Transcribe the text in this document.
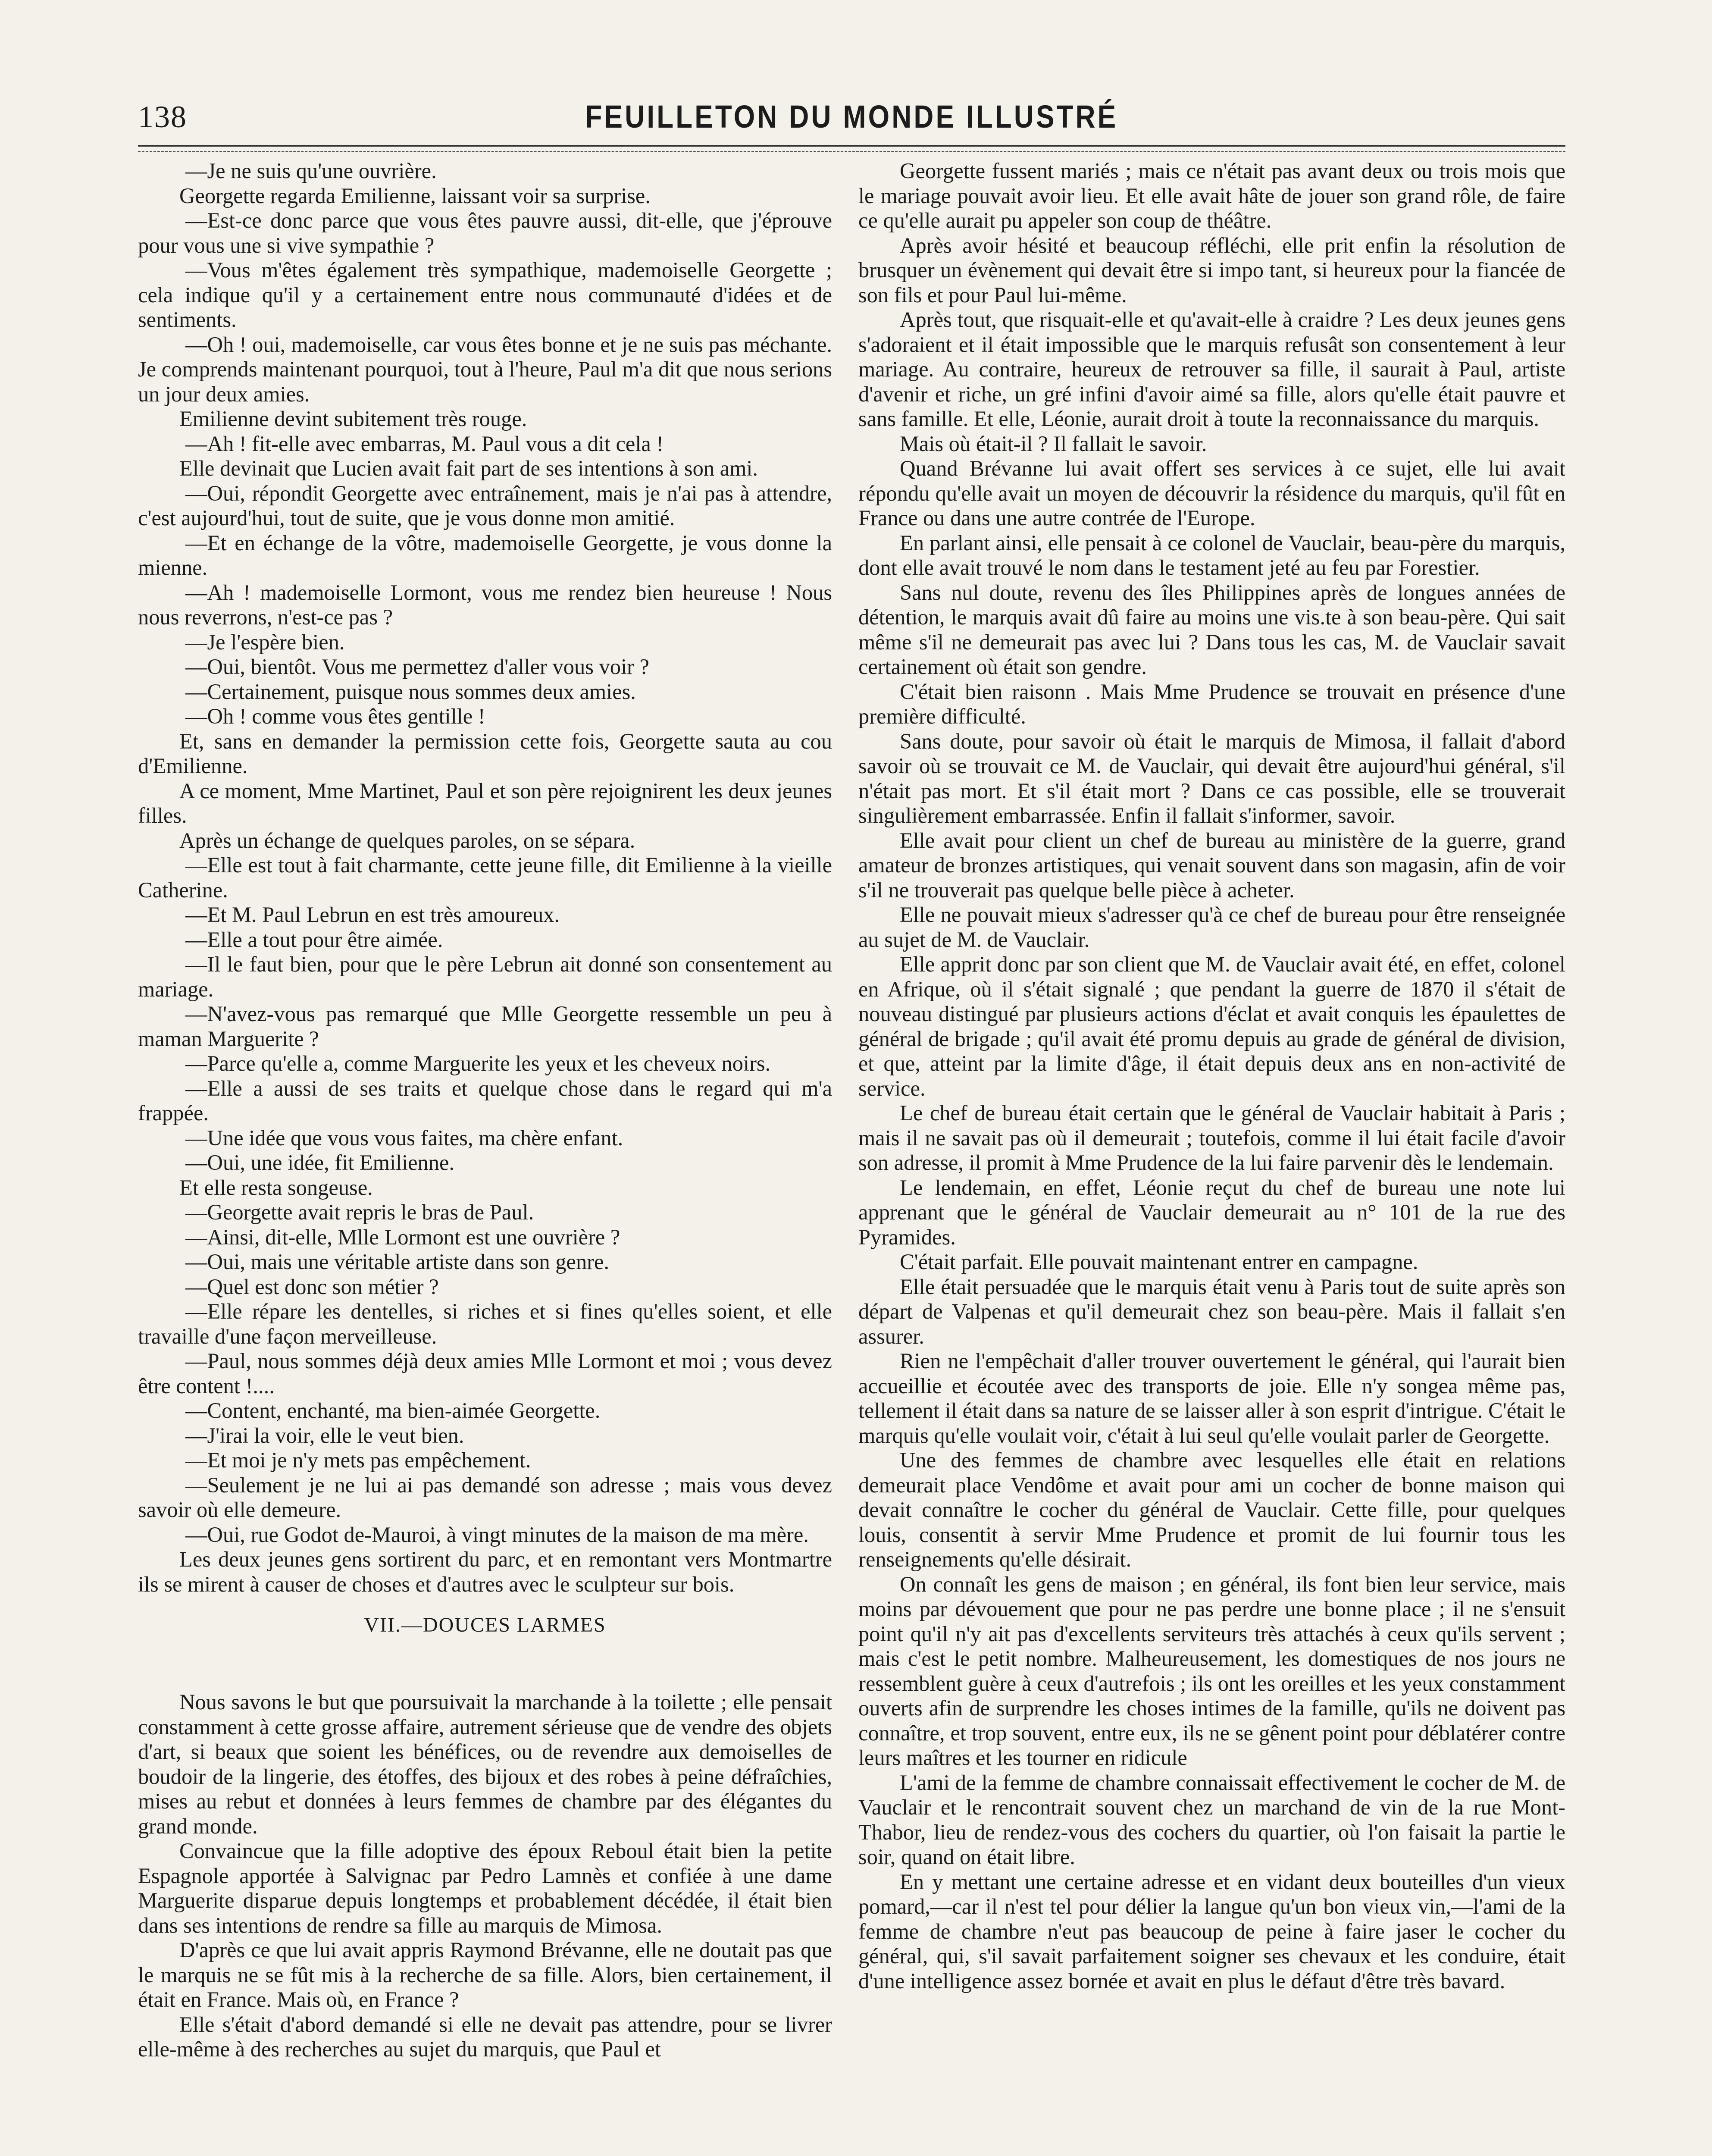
138	FEUILLETON DU MONDE ILLUSTRÉ

—Je ne suis qu'une ouvrière.

Georgette regarda Emilienne, laissant voir sa surprise.

—Est-ce donc parce que vous êtes pauvre aussi, dit-elle, que j'éprouve pour vous une si vive sympathie ?

—Vous m'êtes également très sympathique, mademoiselle Georgette ; cela indique qu'il y a certainement entre nous communauté d'idées et de sentiments.

—Oh ! oui, mademoiselle, car vous êtes bonne et je ne suis pas méchante. Je comprends maintenant pourquoi, tout à l'heure, Paul m'a dit que nous serions un jour deux amies.

Emilienne devint subitement très rouge.

—Ah ! fit-elle avec embarras, M. Paul vous a dit cela !

Elle devinait que Lucien avait fait part de ses intentions à son ami.

—Oui, répondit Georgette avec entraînement, mais je n'ai pas à attendre, c'est aujourd'hui, tout de suite, que je vous donne mon amitié.

—Et en échange de la vôtre, mademoiselle Georgette, je vous donne la mienne.

—Ah ! mademoiselle Lormont, vous me rendez bien heureuse ! Nous nous reverrons, n'est-ce pas ?

—Je l'espère bien.

—Oui, bientôt. Vous me permettez d'aller vous voir ?

—Certainement, puisque nous sommes deux amies.

—Oh ! comme vous êtes gentille !

Et, sans en demander la permission cette fois, Georgette sauta au cou d'Emilienne.

A ce moment, Mme Martinet, Paul et son père rejoignirent les deux jeunes filles.

Après un échange de quelques paroles, on se sépara.

—Elle est tout à fait charmante, cette jeune fille, dit Emilienne à la vieille Catherine.

—Et M. Paul Lebrun en est très amoureux.

—Elle a tout pour être aimée.

—Il le faut bien, pour que le père Lebrun ait donné son consentement au mariage.

—N'avez-vous pas remarqué que Mlle Georgette ressemble un peu à maman Marguerite ?

—Parce qu'elle a, comme Marguerite les yeux et les cheveux noirs.

—Elle a aussi de ses traits et quelque chose dans le regard qui m'a frappée.

—Une idée que vous vous faites, ma chère enfant.

—Oui, une idée, fit Emilienne.

Et elle resta songeuse.

—Georgette avait repris le bras de Paul.

—Ainsi, dit-elle, Mlle Lormont est une ouvrière ?

—Oui, mais une véritable artiste dans son genre.

—Quel est donc son métier ?

—Elle répare les dentelles, si riches et si fines qu'elles soient, et elle travaille d'une façon merveilleuse.

—Paul, nous sommes déjà deux amies Mlle Lormont et moi ; vous devez être content !....

—Content, enchanté, ma bien-aimée Georgette.

—J'irai la voir, elle le veut bien.

—Et moi je n'y mets pas empêchement.

—Seulement je ne lui ai pas demandé son adresse ; mais vous devez savoir où elle demeure.

—Oui, rue Godot de-Mauroi, à vingt minutes de la maison de ma mère.

Les deux jeunes gens sortirent du parc, et en remontant vers Montmartre ils se mirent à causer de choses et d'autres avec le sculpteur sur bois.

VII.—DOUCES LARMES

Nous savons le but que poursuivait la marchande à la toilette ; elle pensait constamment à cette grosse affaire, autrement sérieuse que de vendre des objets d'art, si beaux que soient les bénéfices, ou de revendre aux demoiselles de boudoir de la lingerie, des étoffes, des bijoux et des robes à peine défraîchies, mises au rebut et données à leurs femmes de chambre par des élégantes du grand monde.

Convaincue que la fille adoptive des époux Reboul était bien la petite Espagnole apportée à Salvignac par Pedro Lamnès et confiée à une dame Marguerite disparue depuis longtemps et probablement décédée, il était bien dans ses intentions de rendre sa fille au marquis de Mimosa.

D'après ce que lui avait appris Raymond Brévanne, elle ne doutait pas que le marquis ne se fût mis à la recherche de sa fille. Alors, bien certainement, il était en France. Mais où, en France ?

Elle s'était d'abord demandé si elle ne devait pas attendre, pour se livrer elle-même à des recherches au sujet du marquis, que Paul et

Georgette fussent mariés ; mais ce n'était pas avant deux ou trois mois que le mariage pouvait avoir lieu. Et elle avait hâte de jouer son grand rôle, de faire ce qu'elle aurait pu appeler son coup de théâtre.

Après avoir hésité et beaucoup réfléchi, elle prit enfin la résolution de brusquer un évènement qui devait être si impo tant, si heureux pour la fiancée de son fils et pour Paul lui-même.

Après tout, que risquait-elle et qu'avait-elle à craidre ? Les deux jeunes gens s'adoraient et il était impossible que le marquis refusât son consentement à leur mariage. Au contraire, heureux de retrouver sa fille, il saurait à Paul, artiste d'avenir et riche, un gré infini d'avoir aimé sa fille, alors qu'elle était pauvre et sans famille. Et elle, Léonie, aurait droit à toute la reconnaissance du marquis.

Mais où était-il ? Il fallait le savoir.

Quand Brévanne lui avait offert ses services à ce sujet, elle lui avait répondu qu'elle avait un moyen de découvrir la résidence du marquis, qu'il fût en France ou dans une autre contrée de l'Europe.

En parlant ainsi, elle pensait à ce colonel de Vauclair, beau-père du marquis, dont elle avait trouvé le nom dans le testament jeté au feu par Forestier.

Sans nul doute, revenu des îles Philippines après de longues années de détention, le marquis avait dû faire au moins une vis.te à son beau-père. Qui sait même s'il ne demeurait pas avec lui ? Dans tous les cas, M. de Vauclair savait certainement où était son gendre.

C'était bien raisonn . Mais Mme Prudence se trouvait en présence d'une première difficulté.

Sans doute, pour savoir où était le marquis de Mimosa, il fallait d'abord savoir où se trouvait ce M. de Vauclair, qui devait être aujourd'hui général, s'il n'était pas mort. Et s'il était mort ? Dans ce cas possible, elle se trouverait singulièrement embarrassée. Enfin il fallait s'informer, savoir.

Elle avait pour client un chef de bureau au ministère de la guerre, grand amateur de bronzes artistiques, qui venait souvent dans son magasin, afin de voir s'il ne trouverait pas quelque belle pièce à acheter.

Elle ne pouvait mieux s'adresser qu'à ce chef de bureau pour être renseignée au sujet de M. de Vauclair.

Elle apprit donc par son client que M. de Vauclair avait été, en effet, colonel en Afrique, où il s'était signalé ; que pendant la guerre de 1870 il s'était de nouveau distingué par plusieurs actions d'éclat et avait conquis les épaulettes de général de brigade ; qu'il avait été promu depuis au grade de général de division, et que, atteint par la limite d'âge, il était depuis deux ans en non-activité de service.

Le chef de bureau était certain que le général de Vauclair habitait à Paris ; mais il ne savait pas où il demeurait ; toutefois, comme il lui était facile d'avoir son adresse, il promit à Mme Prudence de la lui faire parvenir dès le lendemain.

Le lendemain, en effet, Léonie reçut du chef de bureau une note lui apprenant que le général de Vauclair demeurait au n° 101 de la rue des Pyramides.

C'était parfait. Elle pouvait maintenant entrer en campagne.

Elle était persuadée que le marquis était venu à Paris tout de suite après son départ de Valpenas et qu'il demeurait chez son beau-père. Mais il fallait s'en assurer.

Rien ne l'empêchait d'aller trouver ouvertement le général, qui l'aurait bien accueillie et écoutée avec des transports de joie. Elle n'y songea même pas, tellement il était dans sa nature de se laisser aller à son esprit d'intrigue. C'était le marquis qu'elle voulait voir, c'était à lui seul qu'elle voulait parler de Georgette.

Une des femmes de chambre avec lesquelles elle était en relations demeurait place Vendôme et avait pour ami un cocher de bonne maison qui devait connaître le cocher du général de Vauclair. Cette fille, pour quelques louis, consentit à servir Mme Prudence et promit de lui fournir tous les renseignements qu'elle désirait.

On connaît les gens de maison ; en général, ils font bien leur service, mais moins par dévouement que pour ne pas perdre une bonne place ; il ne s'ensuit point qu'il n'y ait pas d'excellents serviteurs très attachés à ceux qu'ils servent ; mais c'est le petit nombre. Malheureusement, les domestiques de nos jours ne ressemblent guère à ceux d'autrefois ; ils ont les oreilles et les yeux constamment ouverts afin de surprendre les choses intimes de la famille, qu'ils ne doivent pas connaître, et trop souvent, entre eux, ils ne se gênent point pour déblatérer contre leurs maîtres et les tourner en ridicule

L'ami de la femme de chambre connaissait effectivement le cocher de M. de Vauclair et le rencontrait souvent chez un marchand de vin de la rue Mont-Thabor, lieu de rendez-vous des cochers du quartier, où l'on faisait la partie le soir, quand on était libre.

En y mettant une certaine adresse et en vidant deux bouteilles d'un vieux pomard,—car il n'est tel pour délier la langue qu'un bon vieux vin,—l'ami de la femme de chambre n'eut pas beaucoup de peine à faire jaser le cocher du général, qui, s'il savait parfaitement soigner ses chevaux et les conduire, était d'une intelligence assez bornée et avait en plus le défaut d'être très bavard.
